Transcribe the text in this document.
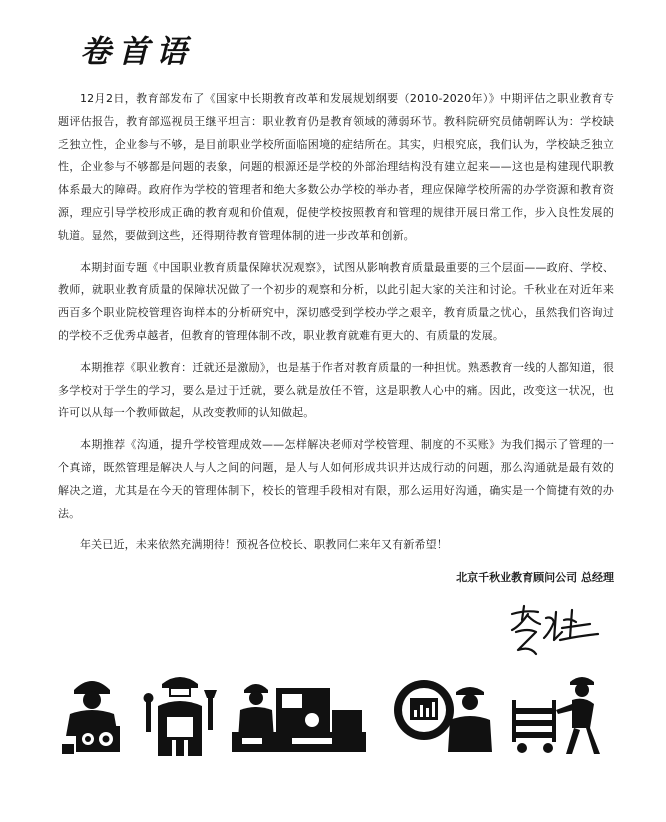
卷首语

12月2日，教育部发布了《国家中长期教育改革和发展规划纲要（2010-2020年）》中期评估之职业教育专题评估报告，教育部巡视员王继平坦言：职业教育仍是教育领域的薄弱环节。教科院研究员储朝晖认为：学校缺乏独立性，企业参与不够，是目前职业学校所面临困境的症结所在。其实，归根究底，我们认为，学校缺乏独立性，企业参与不够都是问题的表象，问题的根源还是学校的外部治理结构没有建立起来——这也是构建现代职教体系最大的障碍。政府作为学校的管理者和绝大多数公办学校的举办者，理应保障学校所需的办学资源和教育资源，理应引导学校形成正确的教育观和价值观，促使学校按照教育和管理的规律开展日常工作，步入良性发展的轨道。显然，要做到这些，还得期待教育管理体制的进一步改革和创新。

本期封面专题《中国职业教育质量保障状况观察》，试图从影响教育质量最重要的三个层面——政府、学校、教师，就职业教育质量的保障状况做了一个初步的观察和分析，以此引起大家的关注和讨论。千秋业在对近年来西百多个职业院校管理咨询样本的分析研究中，深切感受到学校办学之艰辛，教育质量之忧心，虽然我们咨询过的学校不乏优秀卓越者，但教育的管理体制不改，职业教育就难有更大的、有质量的发展。

本期推荐《职业教育：迁就还是激励》，也是基于作者对教育质量的一种担忧。熟悉教育一线的人都知道，很多学校对于学生的学习，要么是过于迁就，要么就是放任不管，这是职教人心中的痛。因此，改变这一状况，也许可以从每一个教师做起，从改变教师的认知做起。

本期推荐《沟通，提升学校管理成效——怎样解决老师对学校管理、制度的不买账》为我们揭示了管理的一个真谛，既然管理是解决人与人之间的问题，是人与人如何形成共识并达成行动的问题，那么沟通就是最有效的解决之道，尤其是在今天的管理体制下，校长的管理手段相对有限，那么运用好沟通，确实是一个简捷有效的办法。

年关已近，未来依然充满期待！预祝各位校长、职教同仁来年又有新希望！

北京千秋业教育顾问公司 总经理
